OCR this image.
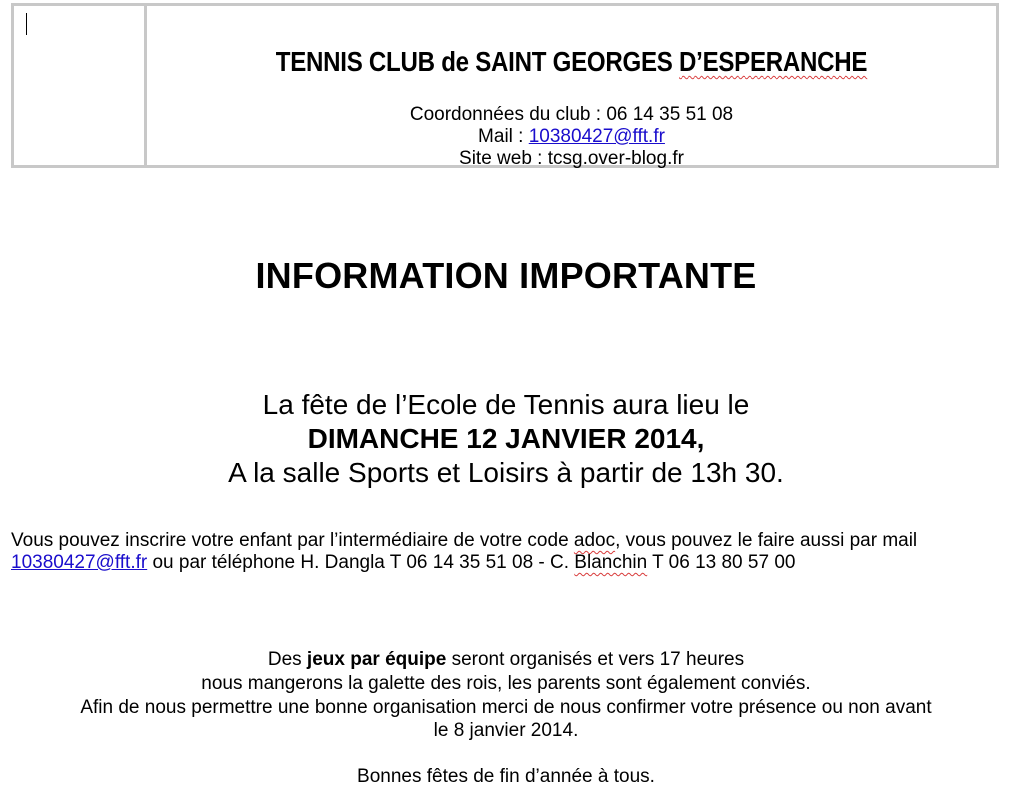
TENNIS CLUB de SAINT GEORGES D’ESPERANCHE
Coordonnées du club : 06 14 35 51 08
Mail : 10380427@fft.fr
Site web : tcsg.over-blog.fr
INFORMATION IMPORTANTE
La fête de l’Ecole de Tennis aura lieu le
DIMANCHE 12 JANVIER 2014,
A la salle Sports et Loisirs à partir de 13h 30.
Vous pouvez inscrire votre enfant par l’intermédiaire de votre code adoc, vous pouvez le faire aussi par mail 10380427@fft.fr ou par téléphone H. Dangla T 06 14 35 51 08 - C. Blanchin T 06 13 80 57 00
Des jeux par équipe seront organisés et vers 17 heures
nous mangerons la galette des rois, les parents sont également conviés.
Afin de nous permettre une bonne organisation merci de nous confirmer votre présence ou non avant
le 8 janvier 2014.
Bonnes fêtes de fin d’année à tous.
